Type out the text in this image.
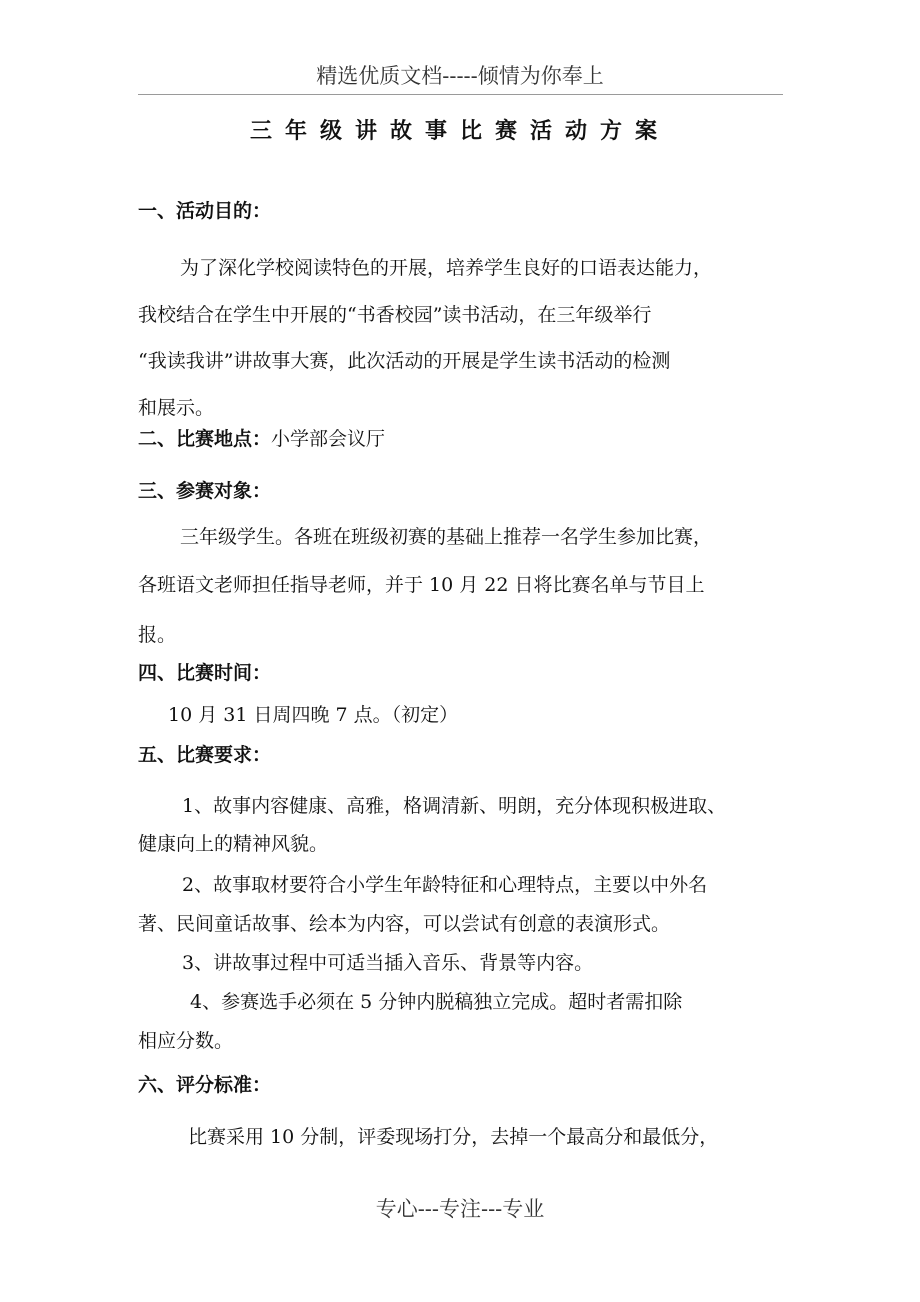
精选优质文档-----倾情为你奉上
三年级讲故事比赛活动方案
一、活动目的：
为了深化学校阅读特色的开展，培养学生良好的口语表达能力，
我校结合在学生中开展的“书香校园”读书活动，在三年级举行
“我读我讲”讲故事大赛，此次活动的开展是学生读书活动的检测
和展示。
二、比赛地点：小学部会议厅
三、参赛对象：
三年级学生。各班在班级初赛的基础上推荐一名学生参加比赛，
各班语文老师担任指导老师，并于 10 月 22 日将比赛名单与节目上
报。
四、比赛时间：
10 月 31 日周四晚 7 点。（初定）
五、比赛要求：
1、故事内容健康、高雅，格调清新、明朗，充分体现积极进取、
健康向上的精神风貌。
2、故事取材要符合小学生年龄特征和心理特点，主要以中外名
著、民间童话故事、绘本为内容，可以尝试有创意的表演形式。
3、讲故事过程中可适当插入音乐、背景等内容。
4、参赛选手必须在 5 分钟内脱稿独立完成。超时者需扣除
相应分数。
六、评分标准：
比赛采用 10 分制，评委现场打分，去掉一个最高分和最低分，
专心---专注---专业
